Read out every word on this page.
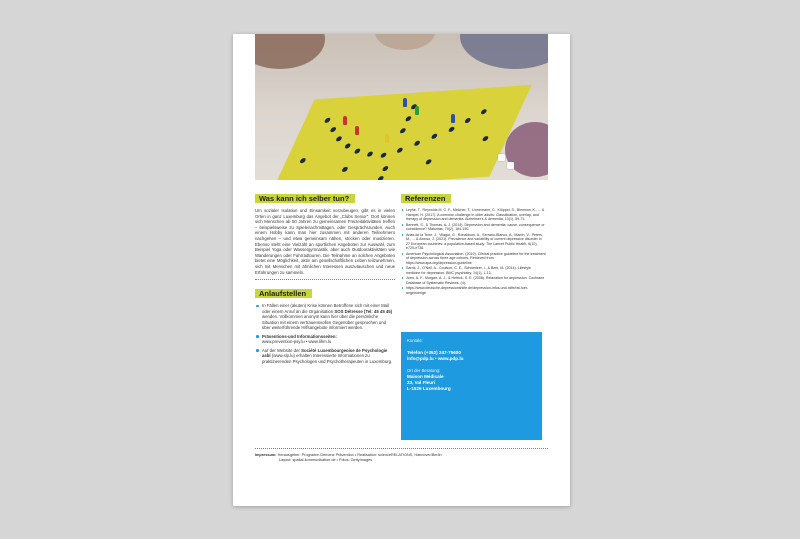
Was kann ich selber tun?

Um sozialer Isolation und Einsamkeit vorzubeugen, gibt es in vielen Orten in ganz Luxemburg das Angebot der „Clubs Senior“. Dort können sich Menschen ab 50 Jahren zu gemeinsamen Freizeitaktivitäten treffen – beispielsweise zu Spielenachmittagen, oder Gesprächsrunden. Auch einem Hobby kann man hier zusammen mit anderen Teilnehmern nachgehen – und etwa gemeinsam nähen, stricken oder musizieren. Ebenso steht eine Vielzahl an sportlichen Angeboten zur Auswahl, zum Beispiel Yoga oder Wassergymnastik, aber auch Outdooraktivitäten wie Wanderungen oder Fahrradtouren. Die Teilnahme an solchen Angeboten bietet eine Möglichkeit, aktiv am gesellschaftlichen Leben teilzunehmen, sich mit Menschen mit ähnlichen Interessen auszutauschen und neue Erfahrungen zu sammeln.

Anlaufstellen
In Fällen einer (akuten) Krise können Betroffene sich mit einer Mail oder einem Anruf an die Organisation SOS Détresse (Tel: 45 45 45) wenden. Vollkommen anonym kann hier über die persönliche Situation mit einem vertrauensvollen Gegenüber gesprochen und über weiterführende Hilfsangebote informiert werden.
Präventions-und Informationsseiten:
www.prevention-psy.lu • www.lihm.lu
Auf der Website der Société Luxembourgeoise de Psychologie asbl (www.slp.lu) erhalten Interessierte Informationen zu praktizierenden Psychologen und Psychotherapeuten in Luxemburg.
Referenzen
Leyhe, T., Reynolds III, C. F., Melcher, T., Linnemann, C., Klöppel, S., Blennow, K., ... & Hampel, H. (2017). A common challenge in older adults: Classification, overlap, and therapy of depression and dementia. Alzheimer's & dementia, 13(1), 59-71.
Bennett, S., & Thomas, A. J. (2014). Depression and dementia: cause, consequence or coincidence? Maturitas, 79(2), 184-190.
Arias-de la Torre, J., Vilagut, G., Ronaldson, A., Serrano-Blanco, A., Martín, V., Peters, M., ... & Alonso, J. (2021). Prevalence and variability of current depressive disorder in 27 European countries: a population-based study. The Lancet Public Health, 6(10), e729-e738.
American Psychological Association. (2019). Clinical practice guideline for the treatment of depression across three age cohorts. Retrieved from https://www.apa.org/depression-guideline
Sarris, J., O'Neil, A., Coulson, C. E., Schweitzer, I., & Berk, M. (2014). Lifestyle medicine for depression. BMC psychiatry, 14(1), 1-13.
Jorm, A. F., Morgan, A. J., & Hetrick, S. E. (2008). Relaxation for depression. Cochrane Database of Systematic Reviews, (4).
https://www.deutsche-depressionshilfe.de/depression-infos-und-hilfe/rat-fuer-angehoerige
Kontakt:
Telefon (+352) 247-75600
info@pdp.lu • www.pdp.lu
Ort der Beratung:
Maison Médicale
23, Val Fleuri
L-1526 Luxembourg
Impressum: Herausgeber: Programm Demenz Prävention • Realisation: scienceRELATIONS, Hannover/Berlin
Layout: spatial-kommunikation.de • Fotos: GettyImages
